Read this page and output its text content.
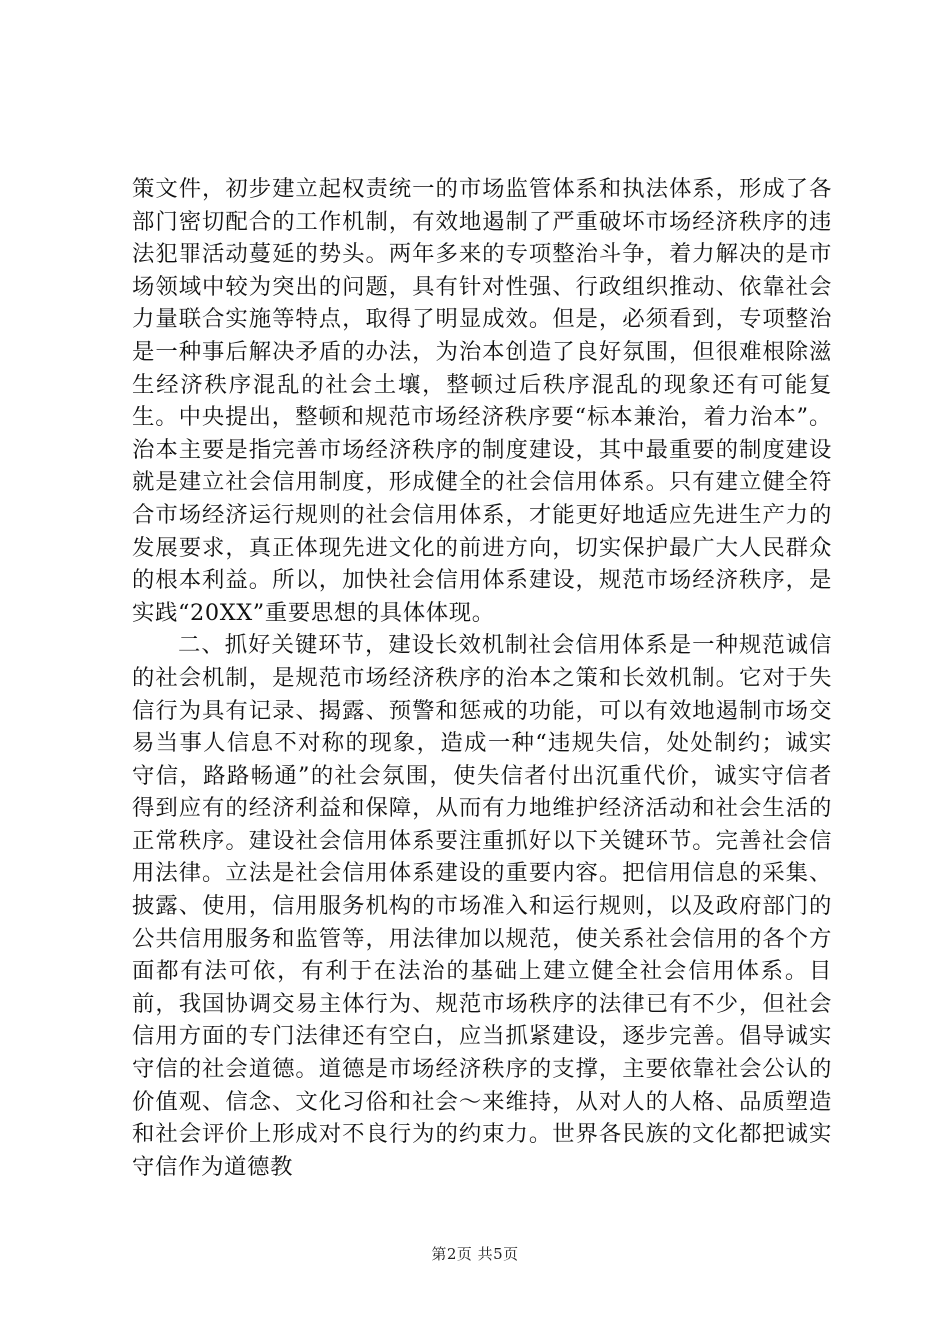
策文件，初步建立起权责统一的市场监管体系和执法体系，形成了各部门密切配合的工作机制，有效地遏制了严重破坏市场经济秩序的违法犯罪活动蔓延的势头。两年多来的专项整治斗争，着力解决的是市场领域中较为突出的问题，具有针对性强、行政组织推动、依靠社会力量联合实施等特点，取得了明显成效。但是，必须看到，专项整治是一种事后解决矛盾的办法，为治本创造了良好氛围，但很难根除滋生经济秩序混乱的社会土壤，整顿过后秩序混乱的现象还有可能复生。中央提出，整顿和规范市场经济秩序要“标本兼治，着力治本”。治本主要是指完善市场经济秩序的制度建设，其中最重要的制度建设就是建立社会信用制度，形成健全的社会信用体系。只有建立健全符合市场经济运行规则的社会信用体系，才能更好地适应先进生产力的发展要求，真正体现先进文化的前进方向，切实保护最广大人民群众的根本利益。所以，加快社会信用体系建设，规范市场经济秩序，是实践“20XX”重要思想的具体体现。

二、抓好关键环节，建设长效机制社会信用体系是一种规范诚信的社会机制，是规范市场经济秩序的治本之策和长效机制。它对于失信行为具有记录、揭露、预警和惩戒的功能，可以有效地遏制市场交易当事人信息不对称的现象，造成一种“违规失信，处处制约；诚实守信，路路畅通”的社会氛围，使失信者付出沉重代价，诚实守信者得到应有的经济利益和保障，从而有力地维护经济活动和社会生活的正常秩序。建设社会信用体系要注重抓好以下关键环节。完善社会信用法律。立法是社会信用体系建设的重要内容。把信用信息的采集、披露、使用，信用服务机构的市场准入和运行规则，以及政府部门的公共信用服务和监管等，用法律加以规范，使关系社会信用的各个方面都有法可依，有利于在法治的基础上建立健全社会信用体系。目前，我国协调交易主体行为、规范市场秩序的法律已有不少，但社会信用方面的专门法律还有空白，应当抓紧建设，逐步完善。倡导诚实守信的社会道德。道德是市场经济秩序的支撑，主要依靠社会公认的价值观、信念、文化习俗和社会～来维持，从对人的人格、品质塑造和社会评价上形成对不良行为的约束力。世界各民族的文化都把诚实守信作为道德教

第2页 共5页
